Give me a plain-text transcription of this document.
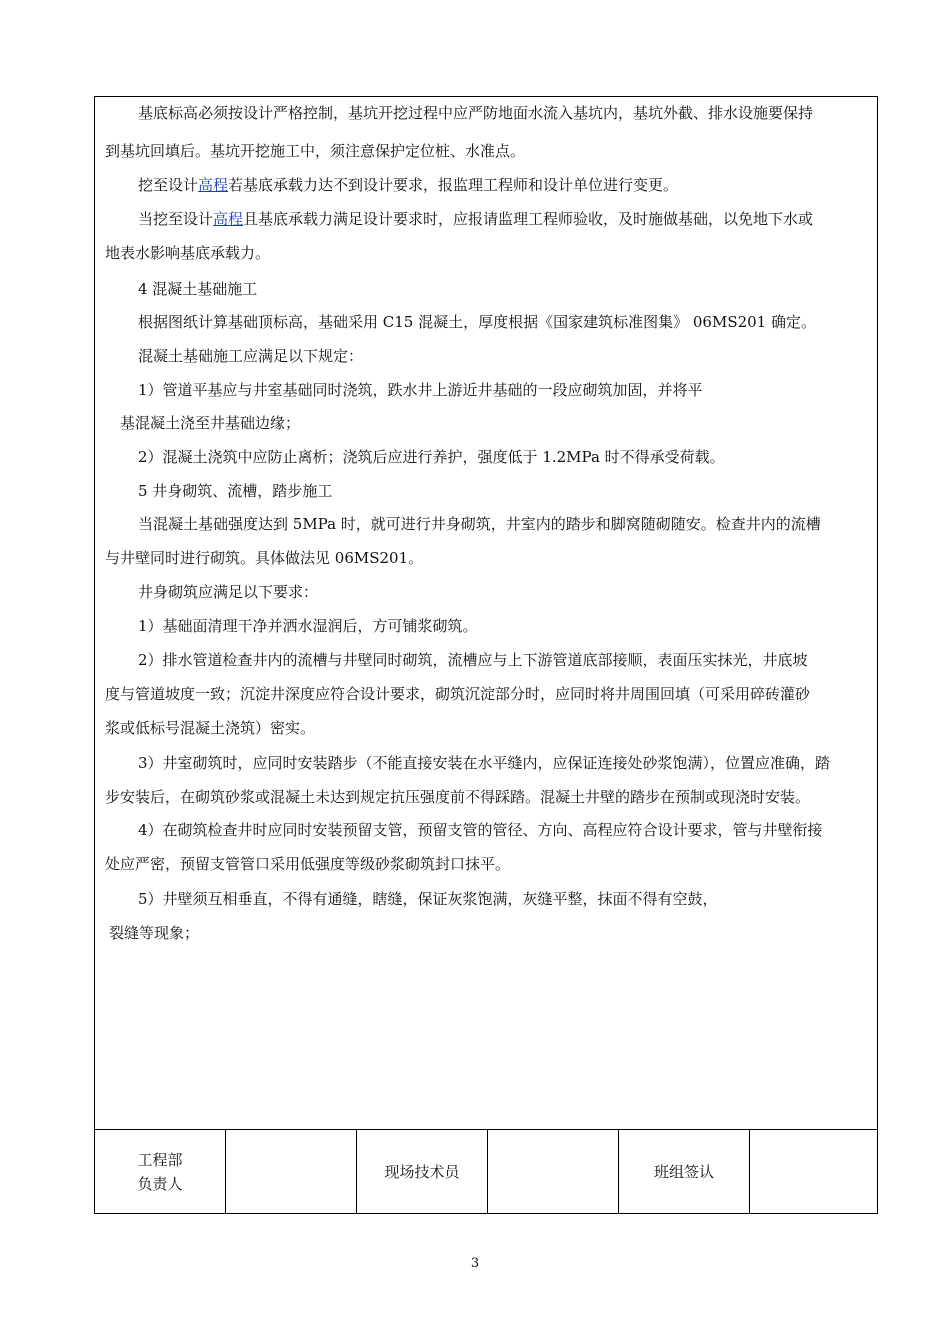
基底标高必须按设计严格控制，基坑开挖过程中应严防地面水流入基坑内，基坑外截、排水设施要保持
到基坑回填后。基坑开挖施工中，须注意保护定位桩、水准点。
挖至设计高程若基底承载力达不到设计要求，报监理工程师和设计单位进行变更。
当挖至设计高程且基底承载力满足设计要求时，应报请监理工程师验收，及时施做基础，以免地下水或
地表水影响基底承载力。
4 混凝土基础施工
根据图纸计算基础顶标高，基础采用 C15 混凝土，厚度根据《国家建筑标准图集》 06MS201 确定。
混凝土基础施工应满足以下规定：
1）管道平基应与井室基础同时浇筑，跌水井上游近井基础的一段应砌筑加固，并将平
基混凝土浇至井基础边缘；
2）混凝土浇筑中应防止离析；浇筑后应进行养护，强度低于 1.2MPa 时不得承受荷载。
5 井身砌筑、流槽，踏步施工
当混凝土基础强度达到 5MPa 时，就可进行井身砌筑，井室内的踏步和脚窝随砌随安。检查井内的流槽
与井壁同时进行砌筑。具体做法见 06MS201。
井身砌筑应满足以下要求：
1）基础面清理干净并洒水湿润后，方可铺浆砌筑。
2）排水管道检查井内的流槽与井壁同时砌筑，流槽应与上下游管道底部接顺，表面压实抹光，井底坡
度与管道坡度一致；沉淀井深度应符合设计要求，砌筑沉淀部分时，应同时将井周围回填（可采用碎砖灌砂
浆或低标号混凝土浇筑）密实。
3）井室砌筑时，应同时安装踏步（不能直接安装在水平缝内，应保证连接处砂浆饱满），位置应准确，踏
步安装后，在砌筑砂浆或混凝土未达到规定抗压强度前不得踩踏。混凝土井壁的踏步在预制或现浇时安装。
4）在砌筑检查井时应同时安装预留支管，预留支管的管径、方向、高程应符合设计要求，管与井壁衔接
处应严密，预留支管管口采用低强度等级砂浆砌筑封口抹平。
5）井壁须互相垂直，不得有通缝，瞎缝，保证灰浆饱满，灰缝平整，抹面不得有空鼓，
裂缝等现象；
工程部
负责人
现场技术员	班组签认
3
